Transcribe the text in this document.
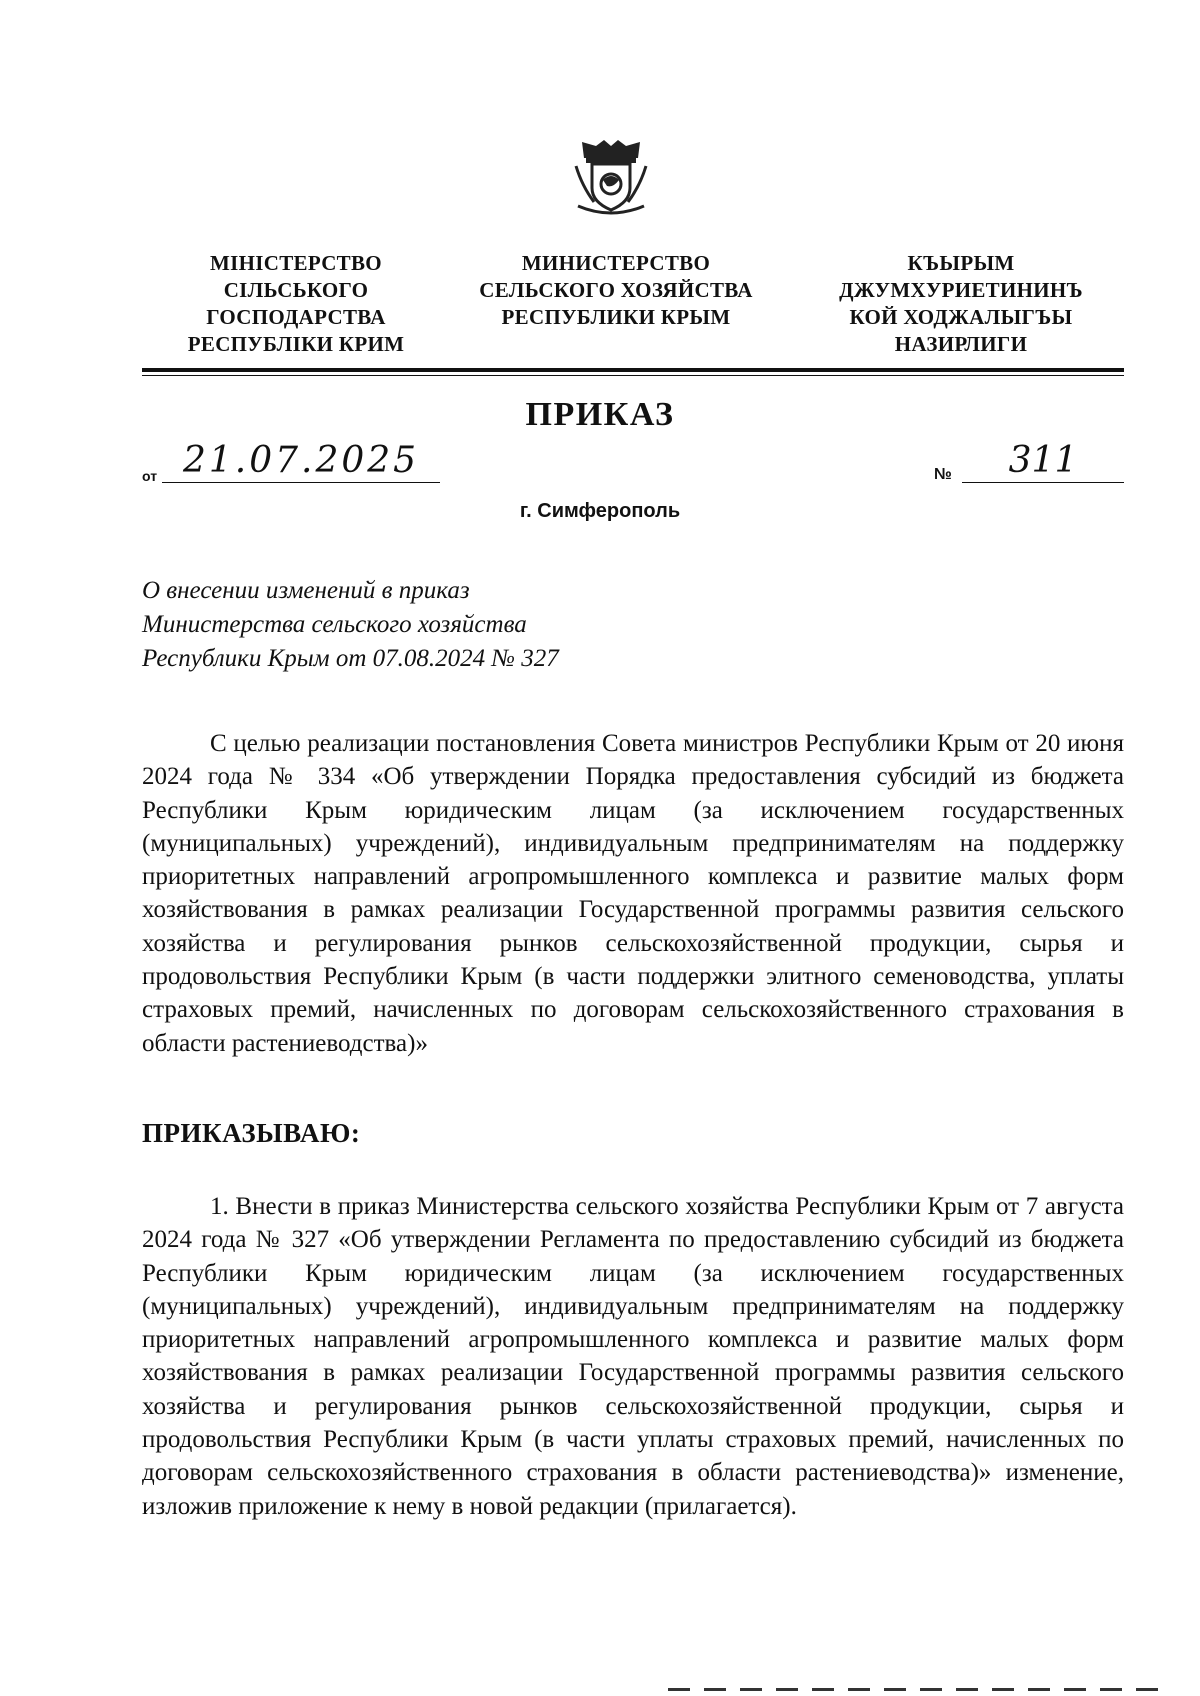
МІНІСТЕРСТВО
СІЛЬСЬКОГО
ГОСПОДАРСТВА
РЕСПУБЛІКИ КРИМ
МИНИСТЕРСТВО
СЕЛЬСКОГО ХОЗЯЙСТВА
РЕСПУБЛИКИ КРЫМ
КЪЫРЫМ
ДЖУМХУРИЕТИНИНЪ
КОЙ ХОДЖАЛЫГЪЫ
НАЗИРЛИГИ
ПРИКАЗ
от 21.07.2025	№	311
г. Симферополь
О внесении изменений в приказ
Министерства сельского хозяйства
Республики Крым от 07.08.2024 № 327
С целью реализации постановления Совета министров Республики Крым от 20 июня 2024 года № 334 «Об утверждении Порядка предоставления субсидий из бюджета Республики Крым юридическим лицам (за исключением государственных (муниципальных) учреждений), индивидуальным предпринимателям на поддержку приоритетных направлений агропромышленного комплекса и развитие малых форм хозяйствования в рамках реализации Государственной программы развития сельского хозяйства и регулирования рынков сельскохозяйственной продукции, сырья и продовольствия Республики Крым (в части поддержки элитного семеноводства, уплаты страховых премий, начисленных по договорам сельскохозяйственного страхования в области растениеводства)»
ПРИКАЗЫВАЮ:
1. Внести в приказ Министерства сельского хозяйства Республики Крым от 7 августа 2024 года № 327 «Об утверждении Регламента по предоставлению субсидий из бюджета Республики Крым юридическим лицам (за исключением государственных (муниципальных) учреждений), индивидуальным предпринимателям на поддержку приоритетных направлений агропромышленного комплекса и развитие малых форм хозяйствования в рамках реализации Государственной программы развития сельского хозяйства и регулирования рынков сельскохозяйственной продукции, сырья и продовольствия Республики Крым (в части уплаты страховых премий, начисленных по договорам сельскохозяйственного страхования в области растениеводства)» изменение, изложив приложение к нему в новой редакции (прилагается).
